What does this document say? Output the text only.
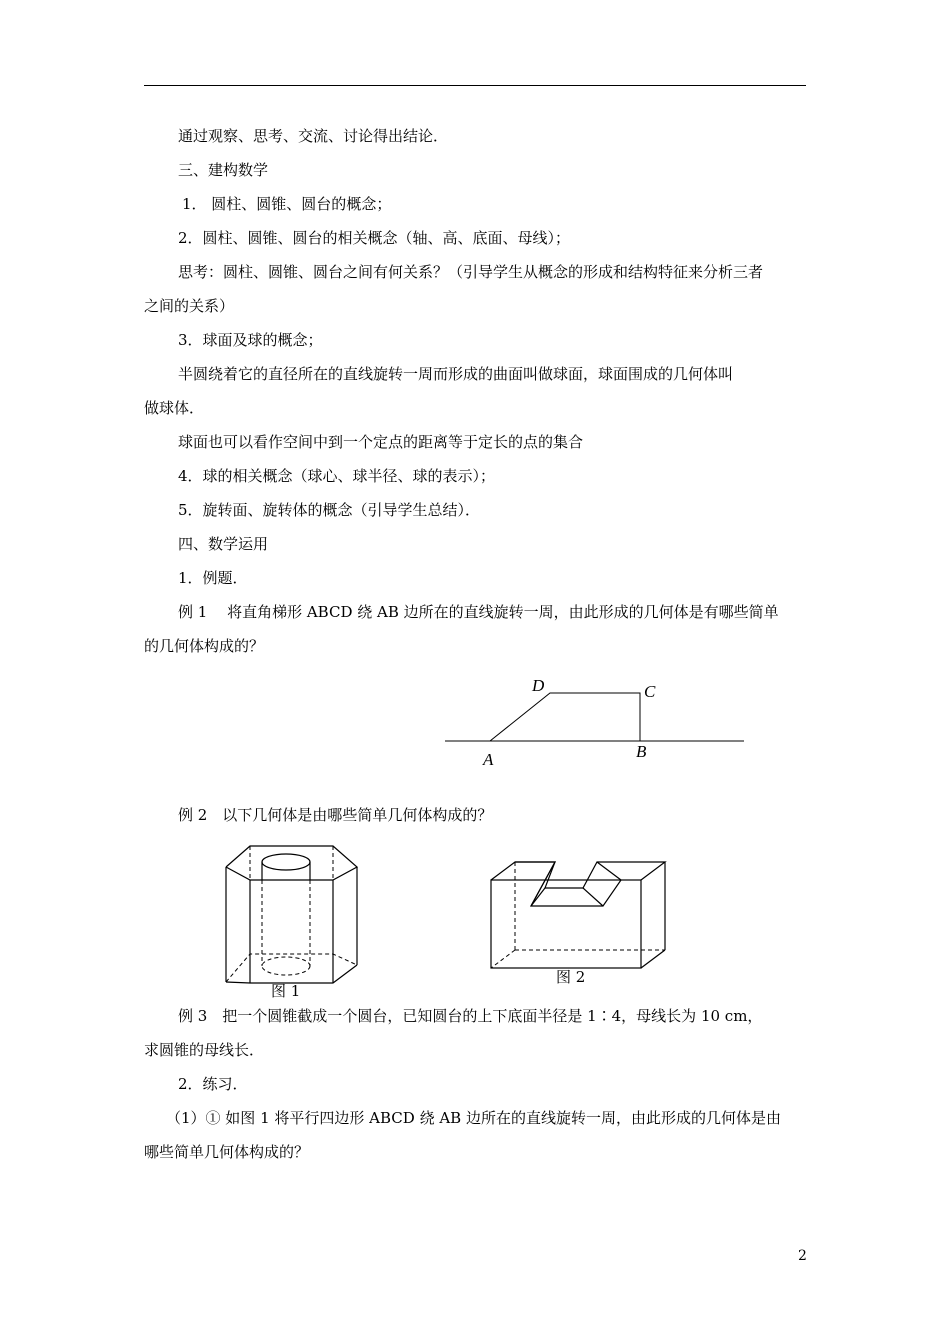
通过观察、思考、交流、讨论得出结论．
三、建构数学
1． 圆柱、圆锥、圆台的概念；
2．圆柱、圆锥、圆台的相关概念（轴、高、底面、母线）；
思考：圆柱、圆锥、圆台之间有何关系？（引导学生从概念的形成和结构特征来分析三者
之间的关系）
3．球面及球的概念；
半圆绕着它的直径所在的直线旋转一周而形成的曲面叫做球面，球面围成的几何体叫
做球体．
球面也可以看作空间中到一个定点的距离等于定长的点的集合
4．球的相关概念（球心、球半径、球的表示）；
5．旋转面、旋转体的概念（引导学生总结）．
四、数学运用
1．例题．
例 1　 将直角梯形 ABCD 绕 AB 边所在的直线旋转一周，由此形成的几何体是有哪些简单
的几何体构成的？
D	C
A	B
例 2　以下几何体是由哪些简单几何体构成的？
图 1
图 2
例 3　把一个圆锥截成一个圆台，已知圆台的上下底面半径是 1∶4，母线长为 10 cm，
求圆锥的母线长．
2．练习．
（1）① 如图 1 将平行四边形 ABCD 绕 AB 边所在的直线旋转一周，由此形成的几何体是由
哪些简单几何体构成的？
2
